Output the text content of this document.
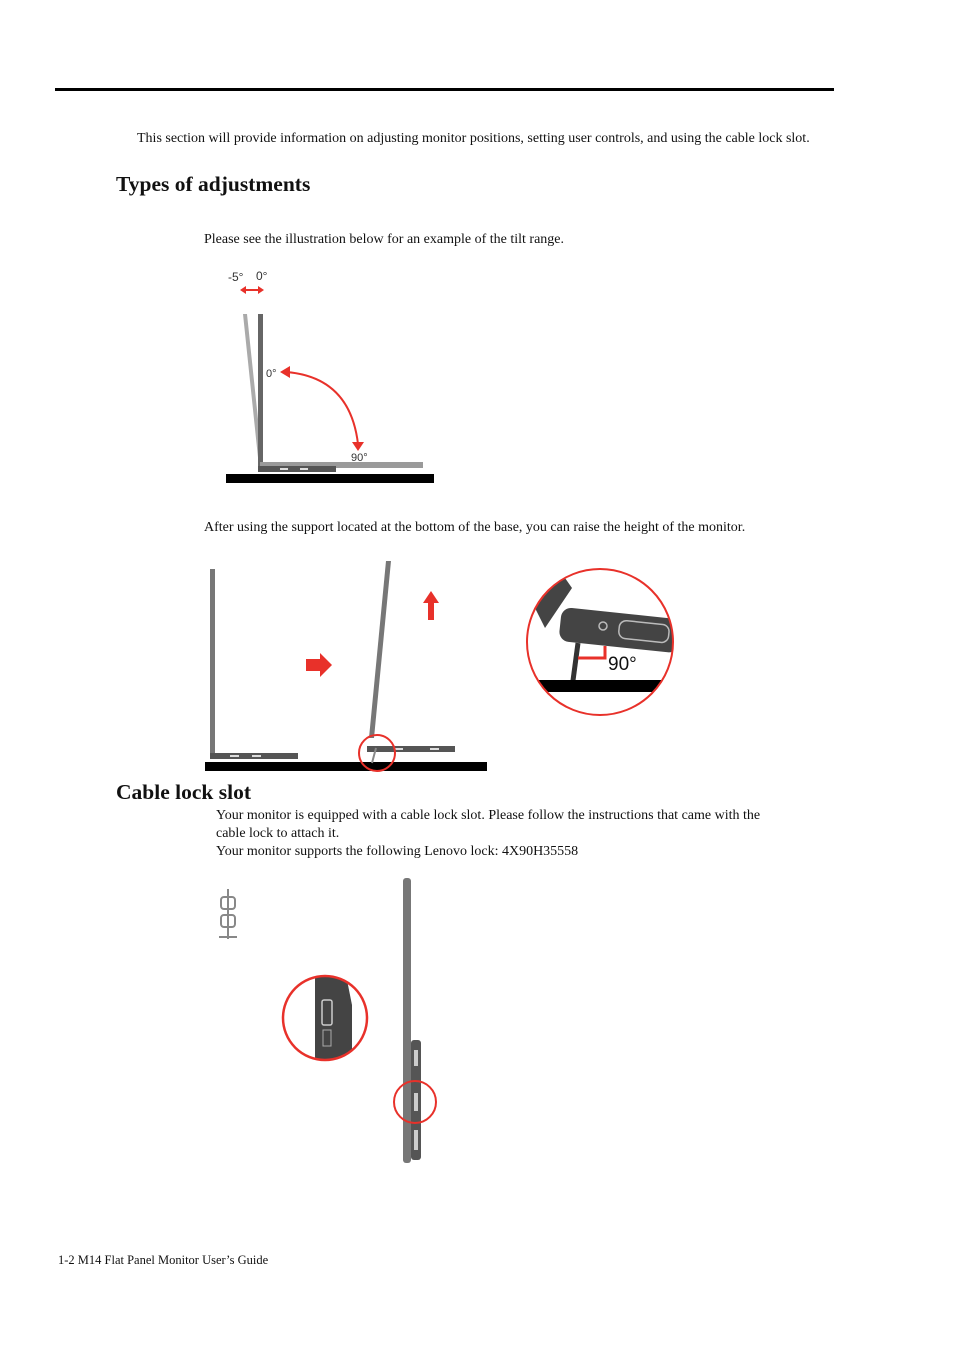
This section will provide information on adjusting monitor positions, setting user controls, and using the cable lock slot.

Types of adjustments

Please see the illustration below for an example of the tilt range.

-5° 0°
0°
90°

After using the support located at the bottom of the base, you can raise the height of the monitor.

90°
Cable lock slot

Your monitor is equipped with a cable lock slot. Please follow the instructions that came with the

cable lock to attach it.

Your monitor supports the following Lenovo lock: 4X90H35558

1-2 M14 Flat Panel Monitor User’s Guide
